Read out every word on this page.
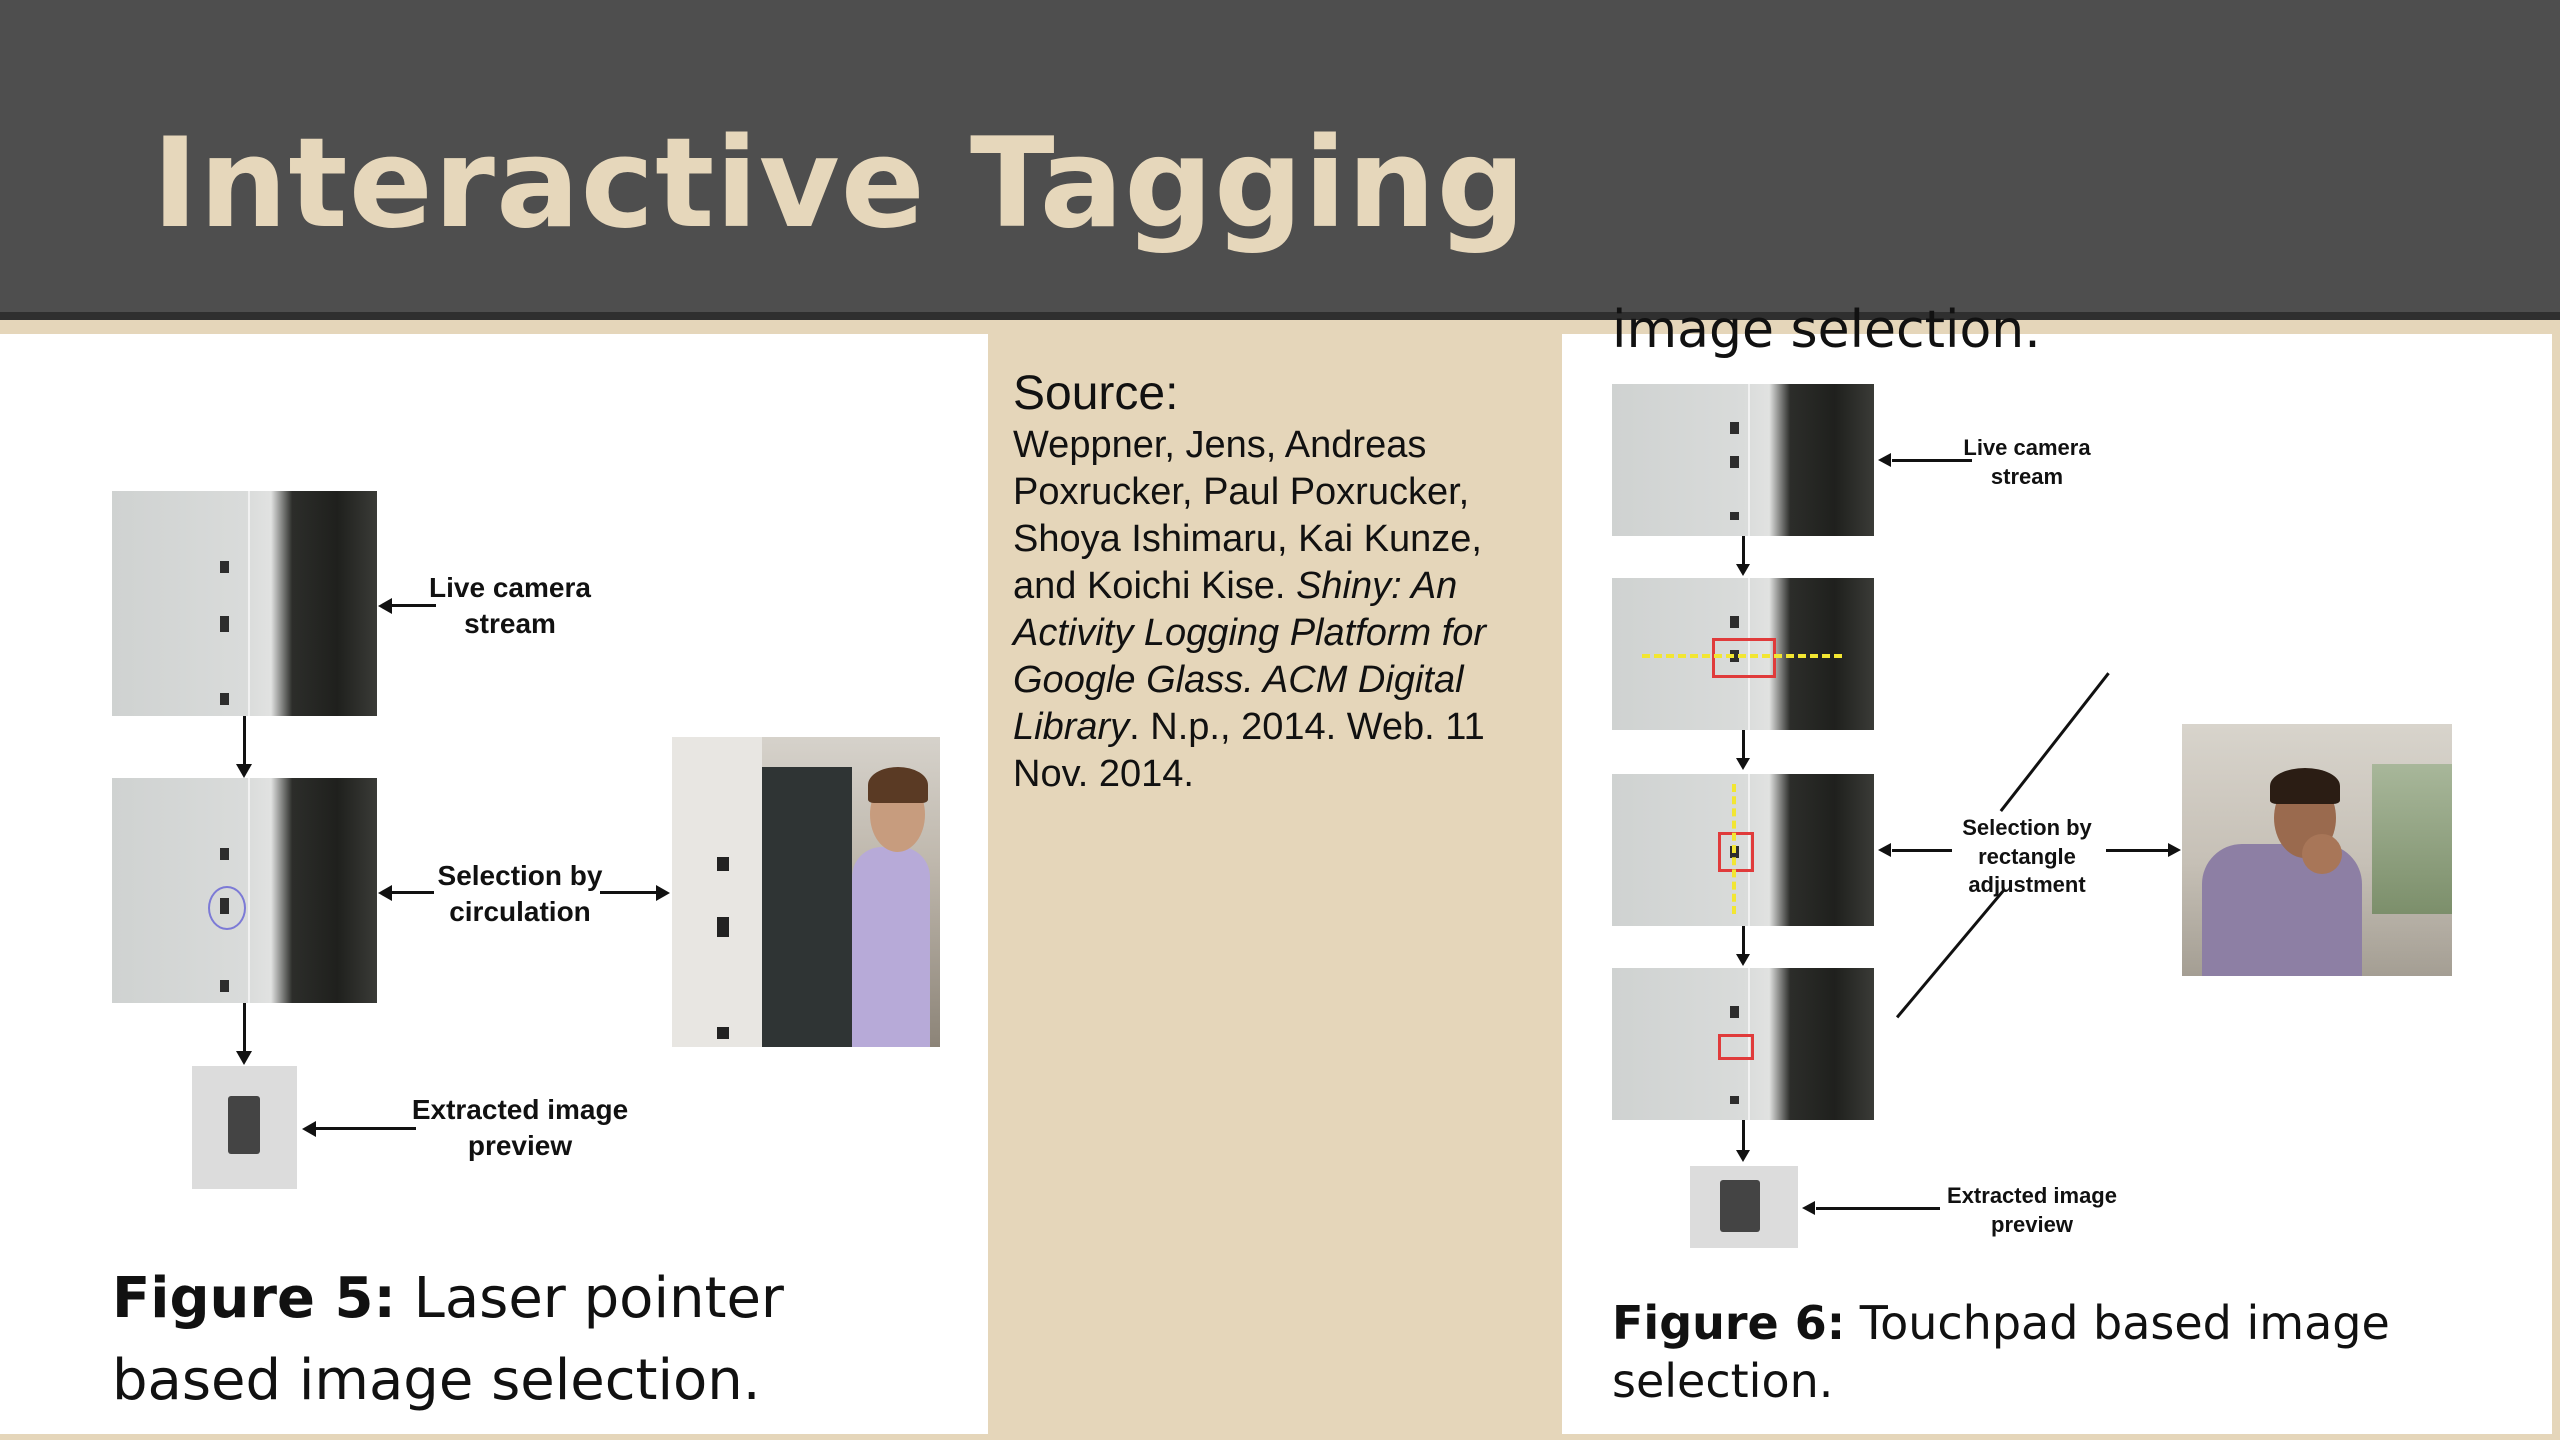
Interactive Tagging
Live camera
stream
Selection by
circulation
Extracted image
preview
Figure 5: Laser pointer based image selection.
Source:
Weppner, Jens, Andreas Poxrucker, Paul Poxrucker, Shoya Ishimaru, Kai Kunze, and Koichi Kise. Shiny: An Activity Logging Platform for Google Glass. ACM Digital Library. N.p., 2014. Web. 11 Nov. 2014.
image selection.
Live camera
stream
Selection by
rectangle
adjustment
Extracted image
preview
Figure 6: Touchpad based image selection.
